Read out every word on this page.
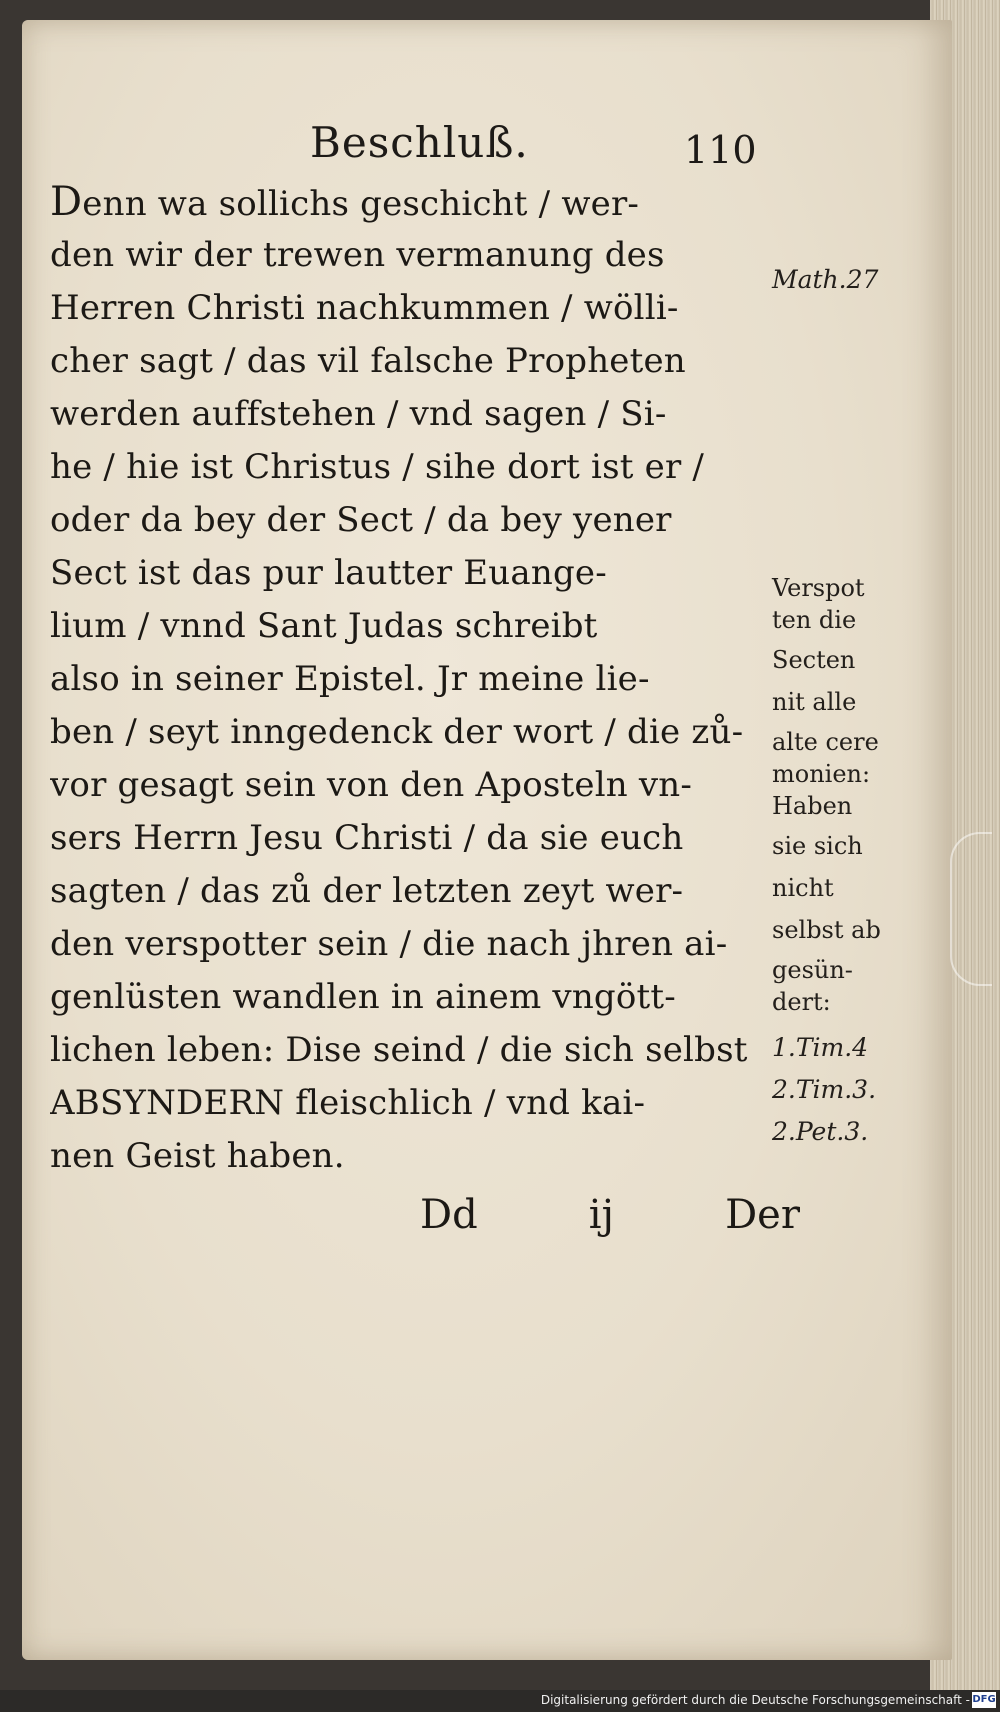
Beschluß.	110
Denn wa sollichs geschicht / wer-
den wir der trewen vermanung des
Herren Christi nachkummen / wölli-
cher sagt / das vil falsche Propheten
werden auffstehen / vnd sagen / Si-
he / hie ist Christus / sihe dort ist er /
oder da bey der Sect / da bey yener
Sect ist das pur lautter Euange-
lium / vnnd Sant Judas schreibt
also in seiner Epistel. Jr meine lie-
ben / seyt inngedenck der wort / die zů-
vor gesagt sein von den Aposteln vn-
sers Herrn Jesu Christi / da sie euch
sagten / das zů der letzten zeyt wer-
den verspotter sein / die nach jhren ai-
genlüsten wandlen in ainem vngött-
lichen leben: Dise seind / die sich selbst
ABSYNDERN fleischlich / vnd kai-
nen Geist haben.
Math.27
Verspot
ten die
Secten
nit alle
alte cere
monien:
Haben
sie sich
nicht
selbst ab
gesün-
dert:
1.Tim.4
2.Tim.3.
2.Pet.3.
Dd	ij	Der
Digitalisierung gefördert durch die Deutsche Forschungsgemeinschaft - DFG
